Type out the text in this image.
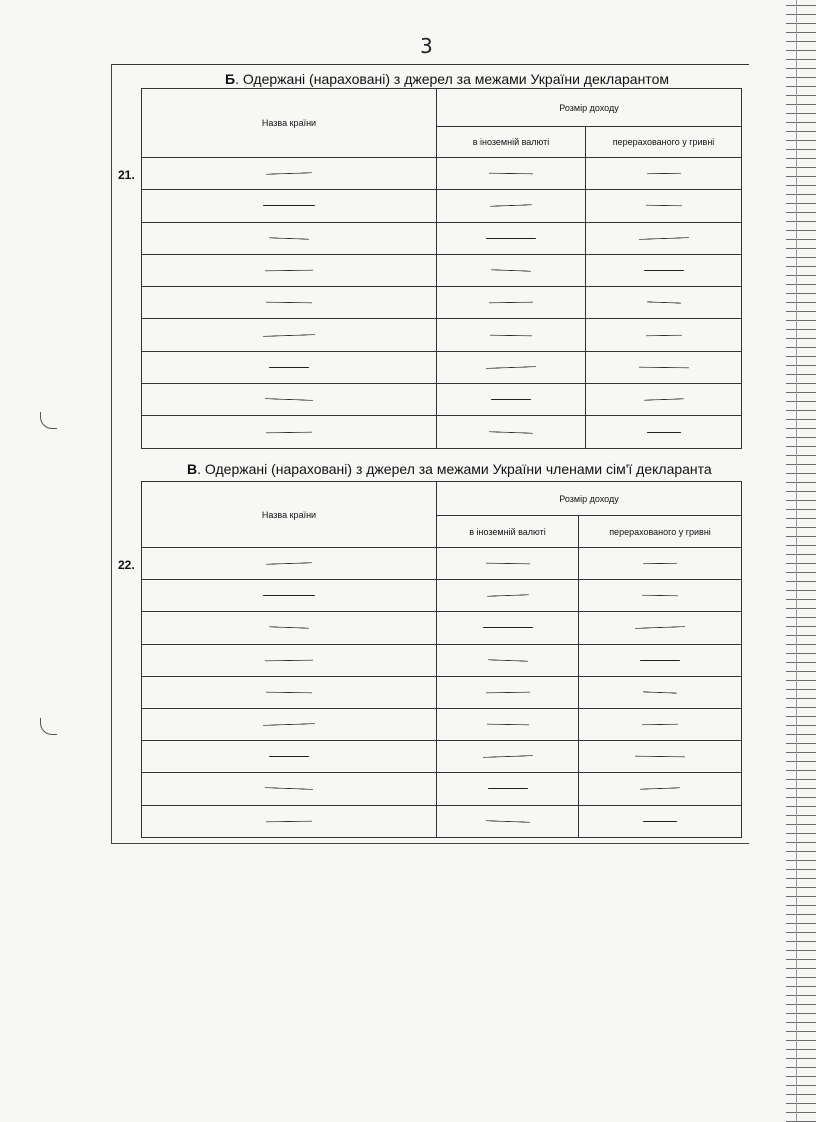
3
Б. Одержані (нараховані) з джерел за межами України декларантом
21.
Назва країни	Розмір доходу	
	в іноземній валюті	перерахованого у гривні

В. Одержані (нараховані) з джерел за межами України членами сім'ї декларанта
22.
Назва країни	Розмір доходу	
	в іноземній валюті	перерахованого у гривні
